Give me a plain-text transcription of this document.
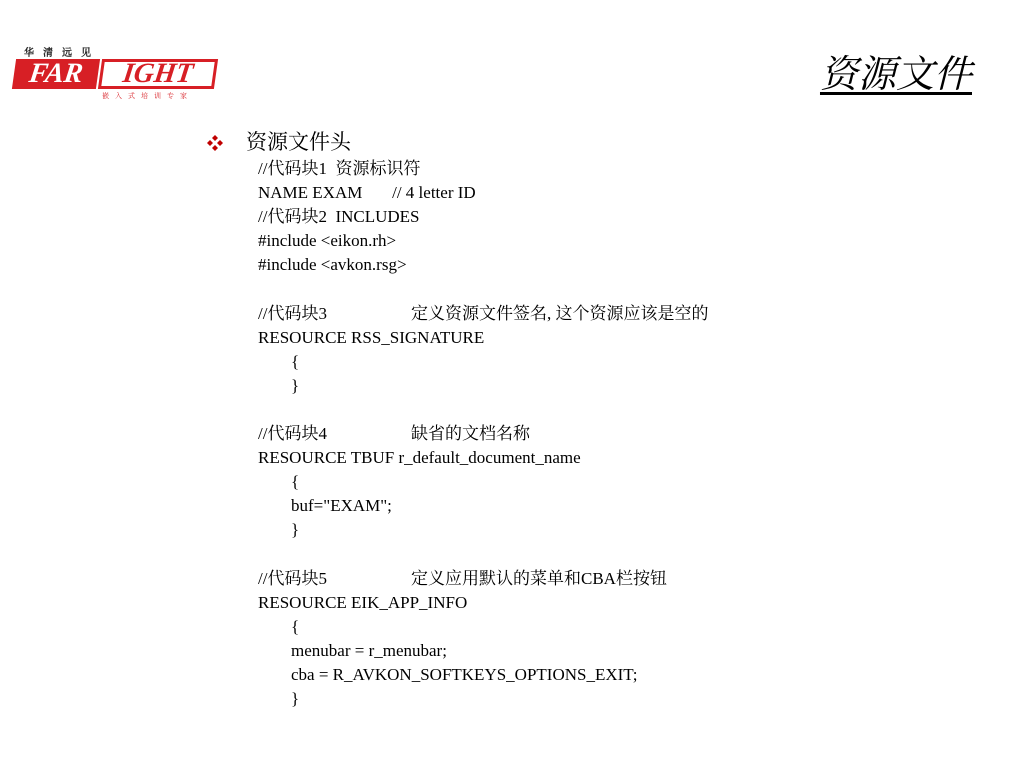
华清远见
FAR	IGHT
嵌入式培训专家	资源文件
资源文件头
//代码块1  资源标识符
NAME EXAM       // 4 letter ID
//代码块2  INCLUDES
#include <eikon.rh>
#include <avkon.rsg>
//代码块3	定义资源文件签名, 这个资源应该是空的
RESOURCE RSS_SIGNATURE
{
}
//代码块4	缺省的文档名称
RESOURCE TBUF r_default_document_name
{
buf="EXAM";
}
//代码块5	定义应用默认的菜单和CBA栏按钮
RESOURCE EIK_APP_INFO
{
menubar = r_menubar;
cba = R_AVKON_SOFTKEYS_OPTIONS_EXIT;
}
